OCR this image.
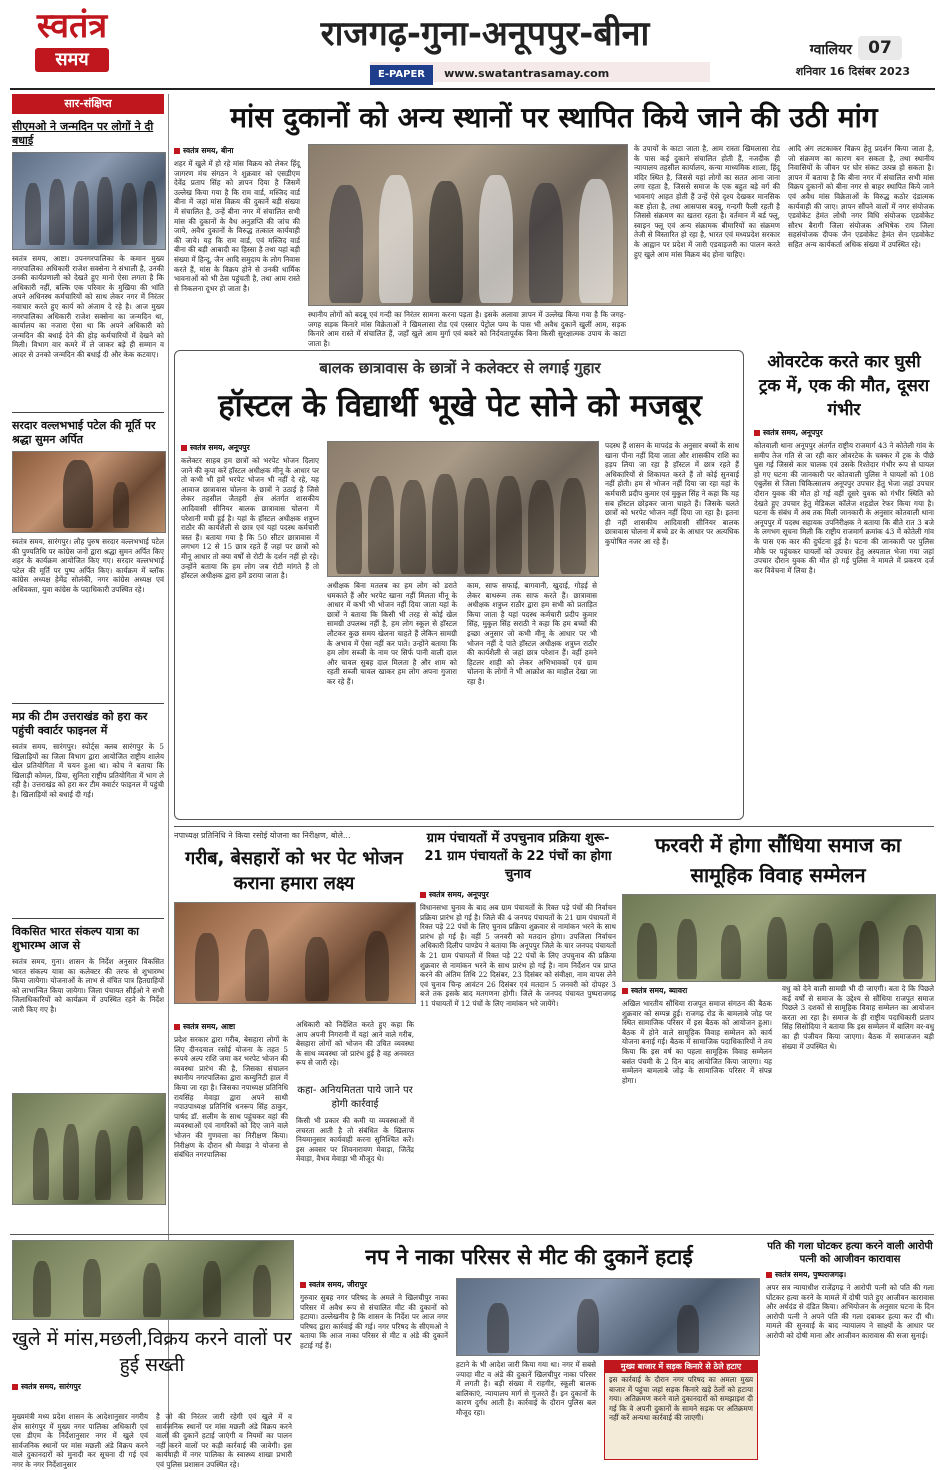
स्वतंत्र
समय
राजगढ़-गुना-अनूपपुर-बीना
E-PAPER www.swatantrasamay.com
ग्वालियर 07
शनिवार 16 दिसंबर 2023
सार-संक्षिप्त

सीएमओ ने जन्मदिन पर लोगों ने दी बधाई

स्वतंत्र समय, आष्टा। उपनगरपालिका के कमान मुख्य नगरपालिका अधिकारी राजेश सक्सेना ने संभाली है, उनकी उनकी कार्यप्रणाली को देखते हुए मानो ऐसा लगता है कि अधिकारी नहीं, बल्कि एक परिवार के मुखिया की भांति अपने अधिनस्थ कर्मचारियों को साथ लेकर नगर में निरंतर नवाचार करते हुए कार्य को अंजाम दे रहे है। आज मुख्य नगरपालिका अधिकारी राजेश सक्सेना का जन्मदिन था, कार्यालय का नजारा ऐसा था कि अपने अधिकारी को जन्मदिन की बधाई देने की होड़ कर्मचारियों में देखने को मिली। विभाग वार कमरे में ले जाकर बड़े ही सम्मान व आदर से उनको जन्मदिन की बधाई दी और केक कटवाए।

सरदार वल्लभभाई पटेल की मूर्ति पर श्रद्धा सुमन अर्पित

स्वतंत्र समय, सारंगपुर। लौह पुरुष सरदार वल्लभभाई पटेल की पुण्यतिथि पर कांग्रेस जनों द्वारा श्रद्धा सुमन अर्पित किए शहर के कार्यक्रम आयोजित किए गए। सरदार वल्लभभाई पटेल की मूर्ति पर पुष्प अर्पित किए। कार्यक्रम में ब्लॉक कांग्रेस अध्यक्ष हेमेंद्र सोलंकी, नगर कांग्रेस अध्यक्ष एवं अधिवक्ता, युवा कांग्रेस के पदाधिकारी उपस्थित रहे।

मप्र की टीम उत्तराखंड को हरा कर पहुंची क्वार्टर फाइनल में

स्वतंत्र समय, सारंगपुर। स्पोर्ट्स क्लब सारंगपुर के 5 खिलाड़ियों का जिला विभाग द्वारा आयोजित राष्ट्रीय शालेय खेल प्रतियोगिता में चयन हुआ था। कोच ने बताया कि खिलाड़ी कोमल, प्रिया, सुनिता राष्ट्रीय प्रतियोगिता में भाग ले रही है। उत्तराखंड को हरा कर टीम क्वार्टर फाइनल में पहुंची है। खिलाड़ियों को बधाई दी गई।

विकसित भारत संकल्प यात्रा का शुभारम्भ आज से

स्वतंत्र समय, गुना। शासन के निर्देश अनुसार विकसित भारत संकल्प यात्रा का कलेक्टर की तरफ से शुभारम्भ किया जायेगा। योजनाओं के लाभ से वंचित पात्र हितग्राहियों को लाभान्वित किया जायेगा। जिला पंचायत सीईओ ने सभी जिलाधिकारियों को कार्यक्रम में उपस्थित रहने के निर्देश जारी किए गए है।

मांस दुकानों को अन्य स्थानों पर स्थापित किये जाने की उठी मांग
स्वतंत्र समय, बीना

शहर में खुले में हो रहे मांस विक्रय को लेकर हिंदू जागरण मंच संगठन ने शुक्रवार को एसडीएम देवेंद्र प्रताप सिंह को ज्ञापन दिया है जिसमें उल्लेख किया गया है कि राम वार्ड, मस्जिद वार्ड बीना में जहां मांस विक्रय की दुकानें बड़ी संख्या में संचालित है, उन्हें बीना नगर में संचालित सभी मांस की दुकानों के वैध अनुज्ञप्ति की जांच की जाये, अवैध दुकानों के विरुद्ध तत्काल कार्यवाही की जाये। यह कि राम वार्ड, एवं मस्जिद वार्ड बीना की बड़ी आबादी का हिस्सा है तथा यहां बड़ी संख्या में हिन्दू, जैन आदि समुदाय के लोग निवास करते हैं, मांस के विक्रय होने से उनकी धार्मिक भावनाओं को भी ठेस पहुंचती है, तथा आम रास्ते से निकलना दूभर हो जाता है।

स्थानीय लोगों को बदबू एवं गन्दी का निरंतर सामना करना पड़ता है। इसके अलावा ज्ञापन में उल्लेख किया गया है कि जगह-जगह सड़क किनारे मांस विक्रेताओं ने खिमलासा रोड एवं एस्सार पेट्रोल पम्प के पास भी अवैध दुकानें खुलीं आम, सड़क किनारे आम रास्ते में संचालित हैं, जहाँ खुले आम मुर्गा एवं बकरे को निर्दयतापूर्वक बिना किसी सुरक्षात्मक उपाय के काटा जाता है।

के उपायों के काटा जाता है, आम रास्ता खिमलासा रोड के पास कई दुकाने संचालित होती हैं, नजदीक ही न्यायालय तहसील कार्यालय, कन्या माध्यमिक शाला, हिंदू मंदिर स्थित है, जिससे यहां लोगों का सतत आना जाना लगा रहता है, जिससे समाज के एक बहुत बड़े वर्ग की भावनाएं आहत होती हैं उन्हें ऐसे दृश्य देखकर मानसिक कष्ट होता है, तथा आसपास बदबू, गन्दगी फैली रहती है जिससे संक्रमण का खतरा रहता है। वर्तमान में बर्ड फ्लू, स्वाइन फ्लू एवं अन्य संक्रामक बीमारियों का संक्रमण तेजी से विस्तारित हो रहा है, भारत एवं मध्यप्रदेश सरकार के आह्वान पर प्रदेश में जारी एडवाइजरी का पालन करते हुए खुले आम मांस विक्रय बंद होना चाहिए।

आदि अंग लटकाकर विक्रय हेतु प्रदर्शन किया जाता है, जो संक्रमण का कारण बन सकता है, तथा स्थानीय निवासियों के जीवन पर घोर संकट उत्पन्न हो सकता है। ज्ञापन में बताया है कि बीना नगर में संचालित सभी मांस विक्रय दुकानों को बीना नगर से बाहर स्थापित किये जाने एवं अवैध मांस विक्रेताओं के विरुद्ध कठोर दंडात्मक कार्यवाही की जाए। ज्ञापन सौंपने वालों में नगर संयोजक एडवोकेट हेमंत लोधी नगर विधि संयोजक एडवोकेट सौरभ बैरागी जिला संयोजक अभिषेक राय जिला सहसंयोजक दीपक जैन एडवोकेट हेमंत सेन एडवोकेट सहित अन्य कार्यकर्ता अधिक संख्या में उपस्थित रहे।

बालक छात्रावास के छात्रों ने कलेक्टर से लगाई गुहार
हॉस्टल के विद्यार्थी भूखे पेट सोने को मजबूर
स्वतंत्र समय, अनूपपुर

कलेक्टर साहब हम छात्रों को भरपेट भोजन दिलाए जाने की कृपा करें हॉस्टल अधीक्षक मीनू के आधार पर तो कभी भी हमें भरपेट भोजन भी नहीं दे रहे, यह आवाज छात्रावास चोलना के छात्रों ने उठाई है जिसे लेकर तहसील जैतहरी क्षेत्र अंतर्गत शासकीय आदिवासी सीनियर बालक छात्रावास चोलना में परेशानी मची हुई है। यहां के हॉस्टल अधीक्षक शत्रुघ्न राठौर की कार्यशैली से छात्र एवं यहां पदस्थ कर्मचारी त्रस्त हैं। बताया गया है कि 50 सीटर छात्रावास में लगभग 12 से 15 छात्र रहते हैं जहां पर छात्रों को मीनू आधार तो क्या वर्षों से रोटी के दर्शन नहीं हो रहे। उन्होंने बताया कि हम लोग जब रोटी मांगते हैं तो हॉस्टल अधीक्षक द्वारा हमें डराया जाता है।

अधीक्षक बिना मतलब का हम लोग को डराते धमकाते हैं और भरपेट खाना नहीं मिलता मीनू के आधार में कभी भी भोजन नहीं दिया जाता यहां के छात्रों ने बताया कि किसी भी तरह से कोई खेल सामग्री उपलब्ध नहीं है, हम लोग स्कूल से हॉस्टल लौटकर कुछ समय खेलना चाहते हैं लेकिन सामग्री के अभाव में ऐसा नहीं कर पाते। उन्होंने बताया कि हम लोग सब्जी के नाम पर सिर्फ पानी वाली दाल और चावल सुबह दाल मिलता है और शाम को रहती सब्जी चावल खाकर हम लोग अपना गुजारा कर रहे हैं।

काम, साफ सफाई, बागवानी, खुदाई, गोड़ई से लेकर बाथरूम तक साफ करते हैं। छात्रावास अधीक्षक शत्रुघ्न राठौर द्वारा हम सभी को प्रताड़ित किया जाता है यहां पदस्थ कर्मचारी प्रदीप कुमार सिंह, मुकुल सिंह सराठी ने कहा कि हम बच्चों की इच्छा अनुसार जो कभी मीनू के आधार पर भी भोजन नहीं दे पाते हॉस्टल अधीक्षक शत्रुघ्न राठौर की कार्यशैली से जहां छात्र परेशान हैं। वहीं हमने हिटलर शाही को लेकर अभिभावकों एवं ग्राम चोलना के लोगों ने भी आक्रोश का माहौल देखा जा रहा है।

पदस्थ हैं शासन के मापदंड के अनुसार बच्चों के साथ खाना पीना नहीं दिया जाता और शासकीय राशि का हड़प लिया जा रहा है हॉस्टल में छात्र रहते हैं अधिकारियों से शिकायत करते हैं तो कोई सुनवाई नहीं होती। हम से भोजन नहीं दिया जा रहा यहां के कर्मचारी प्रदीप कुमार एवं मुकुल सिंह ने कहा कि यह सब हॉस्टल छोड़कर जाना चाहते हैं। जिसके चलते छात्रों को भरपेट भोजन नहीं दिया जा रहा है। इतना ही नहीं शासकीय आदिवासी सीनियर बालक छात्रावास चोलना में बच्चे डर के आधार पर अत्यधिक कुपोषित नजर आ रहे हैं।

ओवरटेक करते कार घुसी ट्रक में, एक की मौत, दूसरा गंभीर

स्वतंत्र समय, अनूपपुर

कोतवाली थाना अनूपपुर अंतर्गत राष्ट्रीय राजमार्ग 43 ने कोतेली गांव के समीप तेज गति से जा रही कार ओवरटेक के चक्कर में ट्रक के पीछे घुस गई जिससे कार चालक एवं उसके रिश्तेदार गंभीर रूप से घायल हो गए घटना की जानकारी पर कोतवाली पुलिस ने घायलों को 108 एंबुलेंस से जिला चिकित्सालय अनूपपुर उपचार हेतु भेजा जहां उपचार दौरान युवक की मौत हो गई वहीं दूसरे युवक को गंभीर स्थिति को देखते हुए उपचार हेतु मेडिकल कॉलेज शहडोल रेफर किया गया है। घटना के संबंध में अब तक मिली जानकारी के अनुसार कोतवाली थाना अनूपपुर में पदस्थ सहायक उपनिरीक्षक ने बताया कि बीते रात 3 बजे के लगभग सूचना मिली कि राष्ट्रीय राजमार्ग क्रमांक 43 में कोतेली गांव के पास एक कार की दुर्घटना हुई है। घटना की जानकारी पर पुलिस मौके पर पहुंचकर घायलों को उपचार हेतु अस्पताल भेजा गया जहां उपचार दौरान युवक की मौत हो गई पुलिस ने मामले में प्रकरण दर्ज कर विवेचना में लिया है।

नपाध्यक्ष प्रतिनिधि ने किया रसोई योजना का निरीक्षण, बोले...

गरीब, बेसहारों को भर पेट भोजन कराना हमारा लक्ष्य

स्वतंत्र समय, आष्टा

प्रदेश सरकार द्वारा गरीब, बेसहारा लोगों के लिए दीनदयाल रसोई योजना के तहत 5 रूपये अल्प राशि जमा कर भरपेट भोजन की व्यवस्था प्रारंभ की है, जिसका संचालन स्थानीय नगरपालिका द्वारा कम्युनिटी हाल में किया जा रहा है। जिसका नपाध्यक्ष प्रतिनिधि रायसिंह मेवाड़ा द्वारा अपने साथी नपाउपाध्यक्ष प्रतिनिधि धनरूप सिंह ठाकुर, पार्षद डॉ. सलीम के साथ पहुंचकर वहां की व्यवस्थाओं एवं नागरिकों को दिए जाने वाले भोजन की गुणवत्ता का निरीक्षण किया। निरीक्षण के दौरान श्री मेवाड़ा ने योजना से संबंधित नगरपालिका

अधिकारी को निर्देशित करते हुए कहा कि आप अपनी निगरानी में यहां आने वाले गरीब, बेसहारा लोगों को भोजन की उचित व्यवस्था के साथ व्यवस्था जो प्रारंभ हुई है वह अनवरत रूप से जारी रहे।

कहा- अनियमितता पाये जाने पर होगी कार्रवाई

किसी भी प्रकार की कमी या व्यवस्थाओं में लचरता आती है तो संबंधित के खिलाफ नियमानुसार कार्यवाही करना सुनिश्चित करें। इस अवसर पर शिवनारायण मेवाड़ा, जितेंद्र मेवाड़ा, वैभव मेवाड़ा भी मौजूद थे।

ग्राम पंचायतों में उपचुनाव प्रक्रिया शुरू- 21 ग्राम पंचायतों के 22 पंचों का होगा चुनाव

स्वतंत्र समय, अनूपपुर

विधानसभा चुनाव के बाद अब ग्राम पंचायतों के रिक्त पड़े पंचों की निर्वाचन प्रक्रिया प्रारंभ हो गई है। जिले की 4 जनपद पंचायतों के 21 ग्राम पंचायतों में रिक्त पड़े 22 पंचों के लिए चुनाव प्रक्रिया शुक्रवार से नामांकन भरने के साथ प्रारंभ हो गई है। वहीं 5 जनवरी को मतदान होगा। उपजिला निर्वाचन अधिकारी दिलीप पाण्डेय ने बताया कि अनूपपुर जिले के चार जनपद पंचायतों के 21 ग्राम पंचायतों में रिक्त पड़े 22 पंचों के लिए उपचुनाव की प्रक्रिया शुक्रवार से नामांकन भरने के साथ प्रारंभ हो गई है। नाम निर्देशन पत्र प्राप्त करने की अंतिम तिथि 22 दिसंबर, 23 दिसंबर को संवीक्षा, नाम वापस लेने एवं चुनाव चिन्ह आवंटन 26 दिसंबर एवं मतदान 5 जनवरी को दोपहर 3 बजे तक इसके बाद मतगणना होगी। जिले के जनपद पंचायत पुष्पराजगढ़ 11 पंचायतों में 12 पंचों के लिए नामांकन भरे जायेंगे।

फरवरी में होगा सौंधिया समाज का सामूहिक विवाह सम्मेलन

स्वतंत्र समय, ब्यावरा

अखिल भारतीय सौंधिया राजपूत समाज संगठन की बैठक शुक्रवार को सम्पन्न हुई। राजगढ़ रोड के बामलाबे जोड़ पर स्थित सामाजिक परिसर में इस बैठक को आयोजन हुआ। बैठक में होने वाले सामूहिक विवाह सम्मेलन को कार्य योजना बनाई गई। बैठक में सामाजिक पदाधिकारियों ने तय किया कि इस वर्ष का पहला सामूहिक विवाह सम्मेलन बसंत पंचमी के 2 दिन बाद आयोजित किया जाएगा। यह सम्मेलन बामलाबे जोड़ के सामाजिक परिसर में संपन्न होगा।

वधु को देने वाली सामग्री भी दी जाएगी। बता दे कि पिछले कई वर्षों से समाज के उद्देश्य से सौंधिया राजपूत समाज पिछले 3 दशकों से सामूहिक विवाह सम्मेलन का आयोजन करता आ रहा है। समाज के ही राष्ट्रीय पदाधिकारी प्रताप सिंह सिसोदिया ने बताया कि इस सम्मेलन में बालिग वर-वधु का ही पंजीयन किया जाएगा। बैठक में समाजजन बड़ी संख्या में उपस्थित थे।

खुले में मांस,मछली,विक्रय करने वालों पर हुई सख्ती

स्वतंत्र समय, सारंगपुर

मुख्यमंत्री मध्य प्रदेश शासन के आदेशानुसार नगरीय क्षेत्र सारंगपुर में मुख्य नगर पालिका अधिकारी एवं एस डीएम के निर्देशानुसार नगर में खुले एवं सार्वजनिक स्थानों पर मांस मछली अंडे विक्रय करने वाले दुकानदारों को मुनादी कर सूचना दी गई एवं नगर के नगर निर्देशानुसार

है जो की निरंतर जारी रहेगी एवं खुले में व सार्वजनिक स्थानों पर मांस मछली अंडे विक्रय करने वालों की दुकानें हटाई जाएंगी व नियमों का पालन नहीं करने वालों पर कड़ी कार्रवाई की जावेगी। इस कार्यवाही में नगर पालिका के स्वास्थ्य शाखा प्रभारी एवं पुलिस प्रशासन उपस्थित रहे।

नप ने नाका परिसर से मीट की दुकानें हटाई
स्वतंत्र समय, जीरापुर

गुरुवार सुबह नगर परिषद के अमले ने खिलचीपुर नाका परिसर में अवैध रूप से संचालित मीट की दुकानों को हटाया। उल्लेखनीय है कि शासन के निर्देश पर आज नगर परिषद द्वारा कार्रवाई की गई। नगर परिषद के सीएमओ ने बताया कि आज नाका परिसर से मीट व अंडे की दुकानें हटाई गई हैं।

हटाने के भी आदेश जारी किया गया था। नगर में सबसे ज्यादा मीट व अंडे की दुकानें खिलचीपुर नाका परिसर में लगती है। बड़ी संख्या में राहगीर, स्कूली बालक बालिकाएं, न्यायालय मार्ग से गुजरते हैं। इन दुकानों के कारण दुर्गंध आती है। कार्रवाई के दौरान पुलिस बल मौजूद रहा।

मुख्य बाजार में सड़क किनारे से ठेले हटाए

इस कार्रवाई के दौरान नगर परिषद का अमला मुख्य बाजार में पहुंचा जहां सड़क किनारे खड़े ठेलों को हटाया गया। अतिक्रमण करने वाले दुकानदारों को समझाइश दी गई कि वे अपनी दुकानों के सामने सड़क पर अतिक्रमण नहीं करें अन्यथा कार्रवाई की जाएगी।

पति की गला घोटकर हत्या करने वाली आरोपी पत्नी को आजीवन कारावास

स्वतंत्र समय, पुष्पराजगढ़।

अपर सत्र न्यायाधीश राजेंद्रगढ़ ने आरोपी पत्नी को पति की गला घोंटकर हत्या करने के मामले में दोषी पाते हुए आजीवन कारावास और अर्थदंड से दंडित किया। अभियोजन के अनुसार घटना के दिन आरोपी पत्नी ने अपने पति की गला दबाकर हत्या कर दी थी। मामले की सुनवाई के बाद न्यायालय ने साक्ष्यों के आधार पर आरोपी को दोषी माना और आजीवन कारावास की सजा सुनाई।
